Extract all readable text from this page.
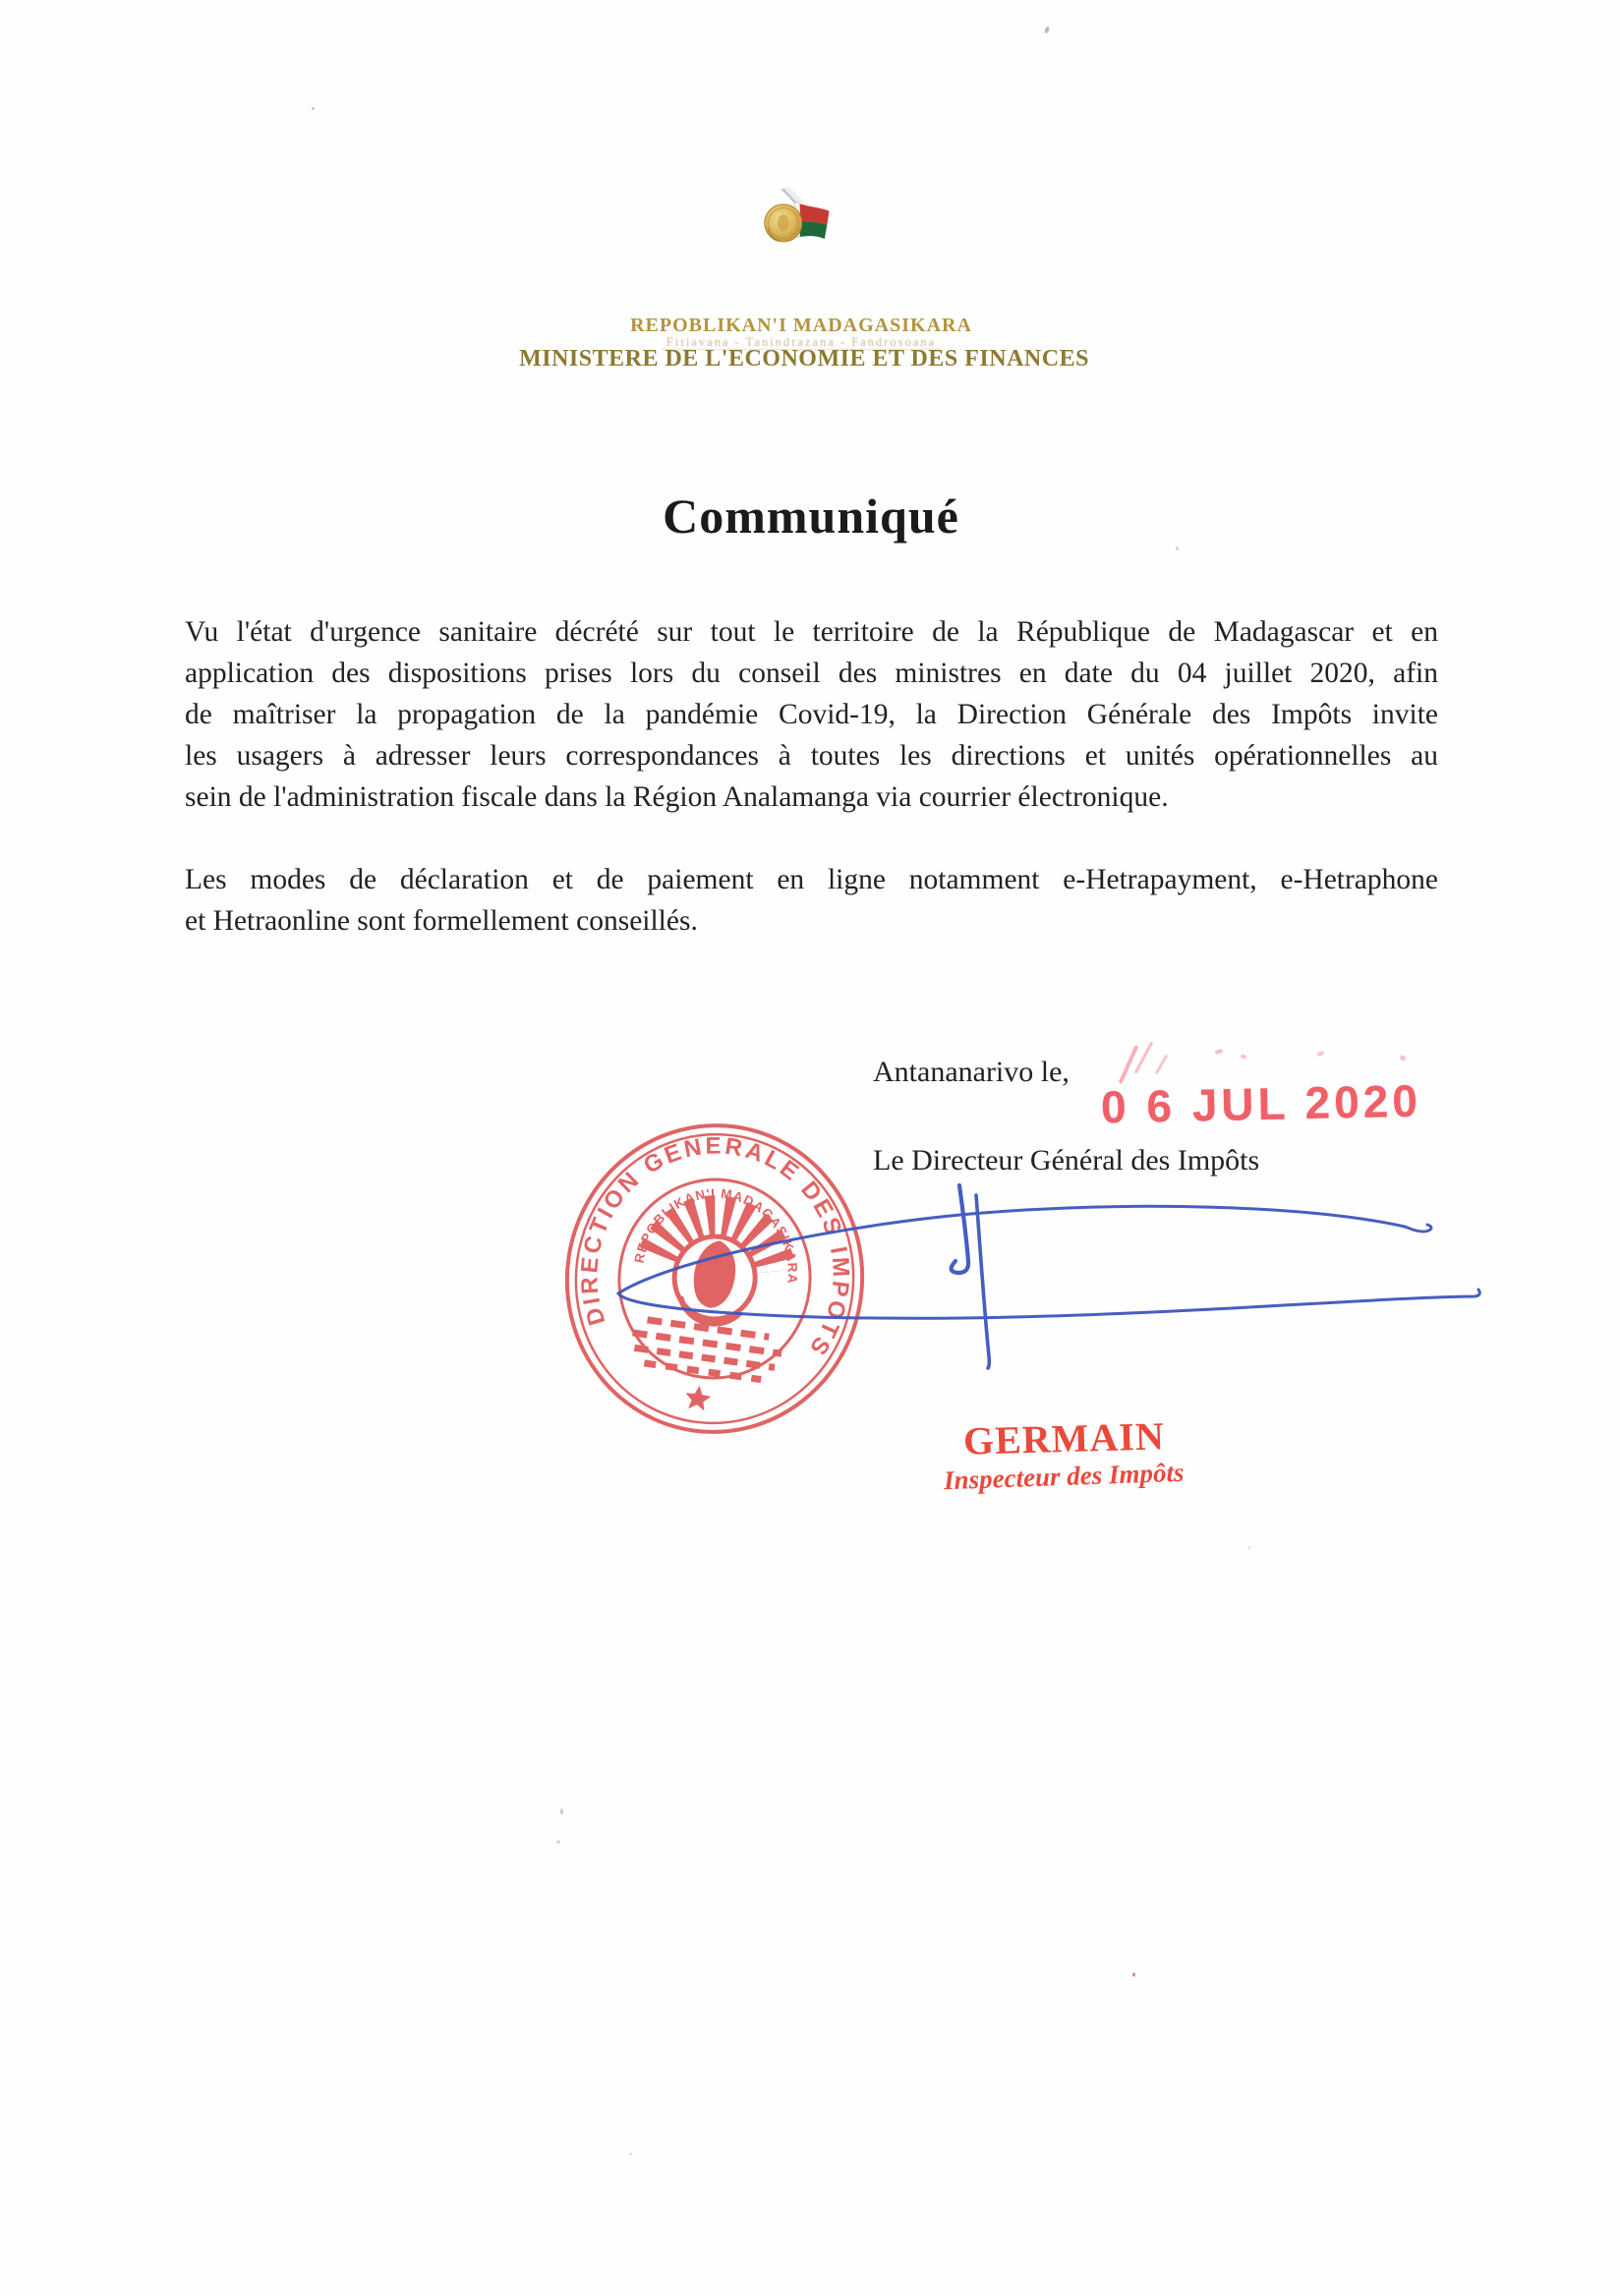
REPOBLIKAN'I MADAGASIKARA
Fitiavana - Tanindrazana - Fandrosoana
MINISTERE DE L'ECONOMIE ET DES FINANCES
Communiqué
Vu l'état d'urgence sanitaire décrété sur tout le territoire de la République de Madagascar et en
application des dispositions prises lors du conseil des ministres en date du 04 juillet 2020, afin
de maîtriser la propagation de la pandémie Covid-19, la Direction Générale des Impôts invite
les usagers à adresser leurs correspondances à toutes les directions et unités opérationnelles au
sein de l'administration fiscale dans la Région Analamanga via courrier électronique.
Les modes de déclaration et de paiement en ligne notamment e-Hetrapayment, e-Hetraphone
et Hetraonline sont formellement conseillés.
Antananarivo le,
0 6 JUL 2020
Le Directeur Général des Impôts
DIRECTION GENERALE DES IMPOTS
REPOBLIKAN'I MADAGASIKARA
GERMAIN
Inspecteur des Impôts
